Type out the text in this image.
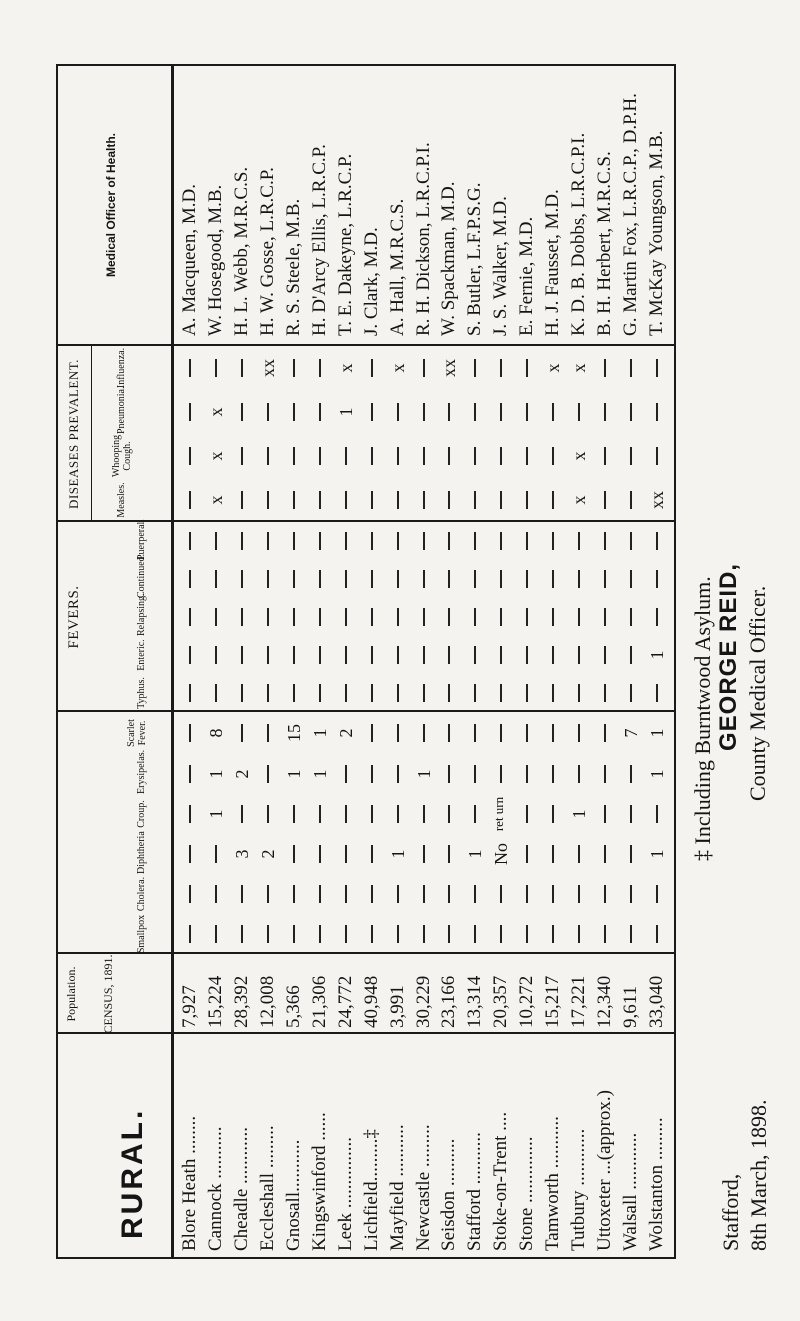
RURAL.
Population. CENSUS, 1891.
Smallpox
Cholera.
Diphtheria
Croup.
Erysipelas.
Scarlet Fever.
FEVERS.
Typhus.
Enteric.
Relapsing.
Continued.
Puerperal.
DISEASES PREVALENT.	Measles.
Whooping Cough.
Pneumonia.
Influenza.
Medical Officer of Health.
Blore Heath ........
7,927
A. Macqueen, M.D.
Cannock ...........
15,224
1
1
8
x
x
x
W. Hosegood, M.B.
Cheadle ............
28,392
3
2
H. L. Webb, M.R.C.S.
Eccleshall .........
12,008
2
xx
H. W. Gosse, L.R.C.P.
Gnosall...........
5,366
1
15
R. S. Steele, M.B.
Kingswinford ......
21,306
1
1
H. D'Arcy Ellis, L.R.C.P.
Leek ...............
24,772
2
1
x
T. E. Dakeyne, L.R.C.P.
Lichfield.........‡
40,948
J. Clark, M.D.
Mayfield ...........
3,991
1
x
A. Hall, M.R.C.S.
Newcastle .........
30,229
1
R. H. Dickson, L.R.C.P.I.
Seisdon ..........
23,166
xx
W. Spackman, M.D.
Stafford ...........
13,314
1
S. Butler, L.F.P.S.G.
Stoke-on-Trent ....
20,357
No
ret urn
J. S. Walker, M.D.
Stone ..............
10,272
E. Fernie, M.D.
Tamworth ...........
15,217
x
H. J. Fausset, M.D.
Tutbury ............
17,221
1
x
x
x
K. D. B. Dobbs, L.R.C.P.I.
Uttoxeter ...(approx.)
12,340
B. H. Herbert, M.R.C.S.
Walsall ............
9,611
7
G. Martin Fox, L.R.C.P., D.P.H.
Wolstanton .........
33,040
1
1
1
1
xx
T. McKay Youngson, M.B.
GEORGE REID, County Medical Officer.
‡ Including Burntwood Asylum.
Stafford, 8th March, 1898.
